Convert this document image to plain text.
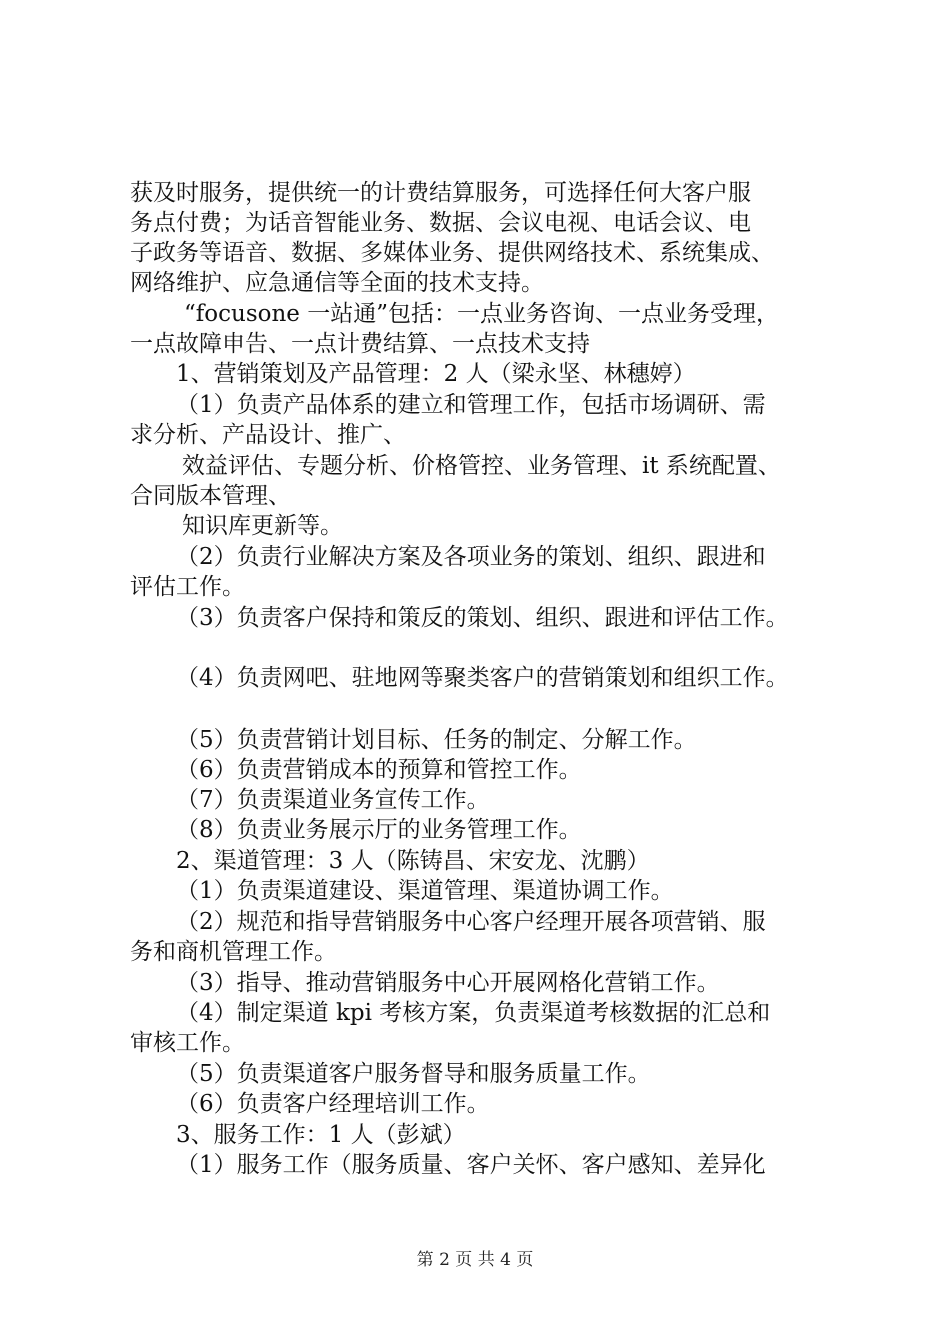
获及时服务，提供统一的计费结算服务，可选择任何大客户服
务点付费；为话音智能业务、数据、会议电视、电话会议、电
子政务等语音、数据、多媒体业务、提供网络技术、系统集成、
网络维护、应急通信等全面的技术支持。
“focusone 一站通”包括：一点业务咨询、一点业务受理，
一点故障申告、一点计费结算、一点技术支持
1、营销策划及产品管理：2 人（梁永坚、林穗婷）
（1）负责产品体系的建立和管理工作，包括市场调研、需
求分析、产品设计、推广、
效益评估、专题分析、价格管控、业务管理、it 系统配置、
合同版本管理、
知识库更新等。
（2）负责行业解决方案及各项业务的策划、组织、跟进和
评估工作。
（3）负责客户保持和策反的策划、组织、跟进和评估工作。
（4）负责网吧、驻地网等聚类客户的营销策划和组织工作。
（5）负责营销计划目标、任务的制定、分解工作。
（6）负责营销成本的预算和管控工作。
（7）负责渠道业务宣传工作。
（8）负责业务展示厅的业务管理工作。
2、渠道管理：3 人（陈铸昌、宋安龙、沈鹏）
（1）负责渠道建设、渠道管理、渠道协调工作。
（2）规范和指导营销服务中心客户经理开展各项营销、服
务和商机管理工作。
（3）指导、推动营销服务中心开展网格化营销工作。
（4）制定渠道 kpi 考核方案，负责渠道考核数据的汇总和
审核工作。
（5）负责渠道客户服务督导和服务质量工作。
（6）负责客户经理培训工作。
3、服务工作：1 人（彭斌）
（1）服务工作（服务质量、客户关怀、客户感知、差异化
第 2 页 共 4 页
